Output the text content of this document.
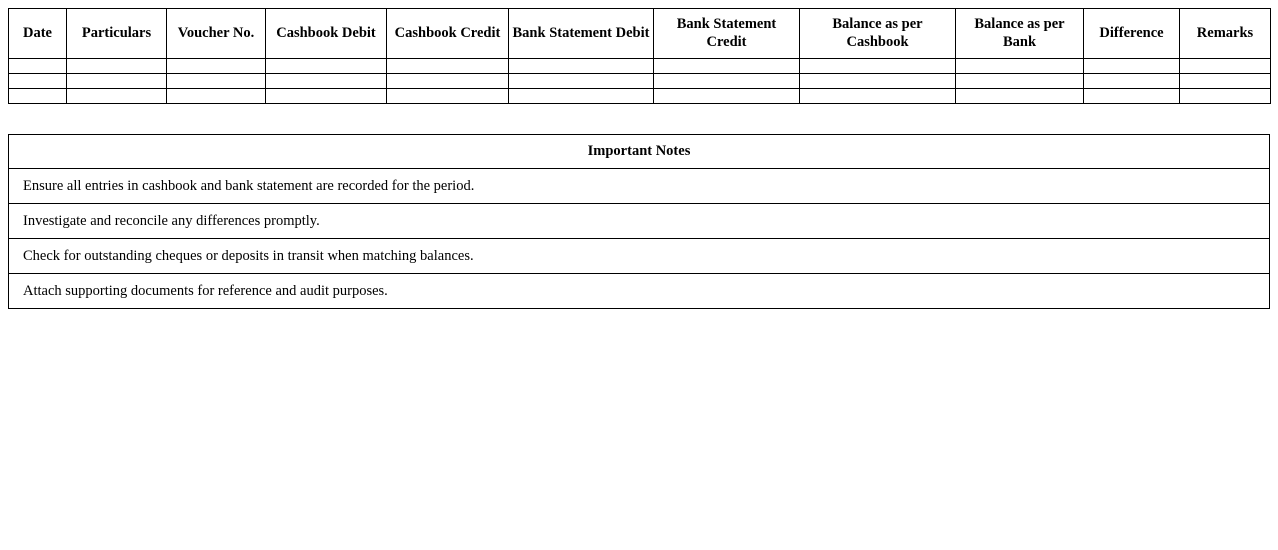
Date	Particulars	Voucher No.	Cashbook Debit	Cashbook Credit	Bank Statement Debit	Bank Statement Credit	Balance as per Cashbook	Balance as per Bank	Difference	Remarks

Important Notes
Ensure all entries in cashbook and bank statement are recorded for the period.
Investigate and reconcile any differences promptly.
Check for outstanding cheques or deposits in transit when matching balances.
Attach supporting documents for reference and audit purposes.
